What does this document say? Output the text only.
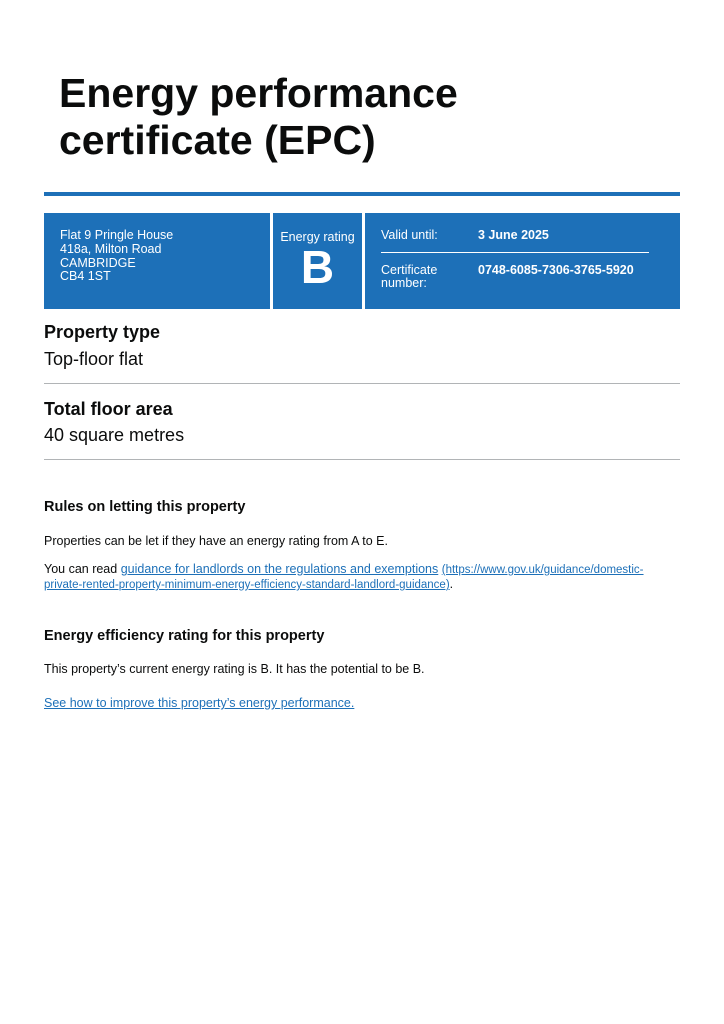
Energy performance
certificate (EPC)
Flat 9 Pringle House
418a, Milton Road
CAMBRIDGE
CB4 1ST
Energy rating
B
Valid until:	3 June 2025
Certificate number:
0748-6085-7306-3765-5920
Property type
Top-floor flat
Total floor area
40 square metres
Rules on letting this property

Properties can be let if they have an energy rating from A to E.

You can read guidance for landlords on the regulations and exemptions (https://www.gov.uk/guidance/domestic-
private-rented-property-minimum-energy-efficiency-standard-landlord-guidance).

Energy efficiency rating for this property

This property’s current energy rating is B. It has the potential to be B.

See how to improve this property’s energy performance.
